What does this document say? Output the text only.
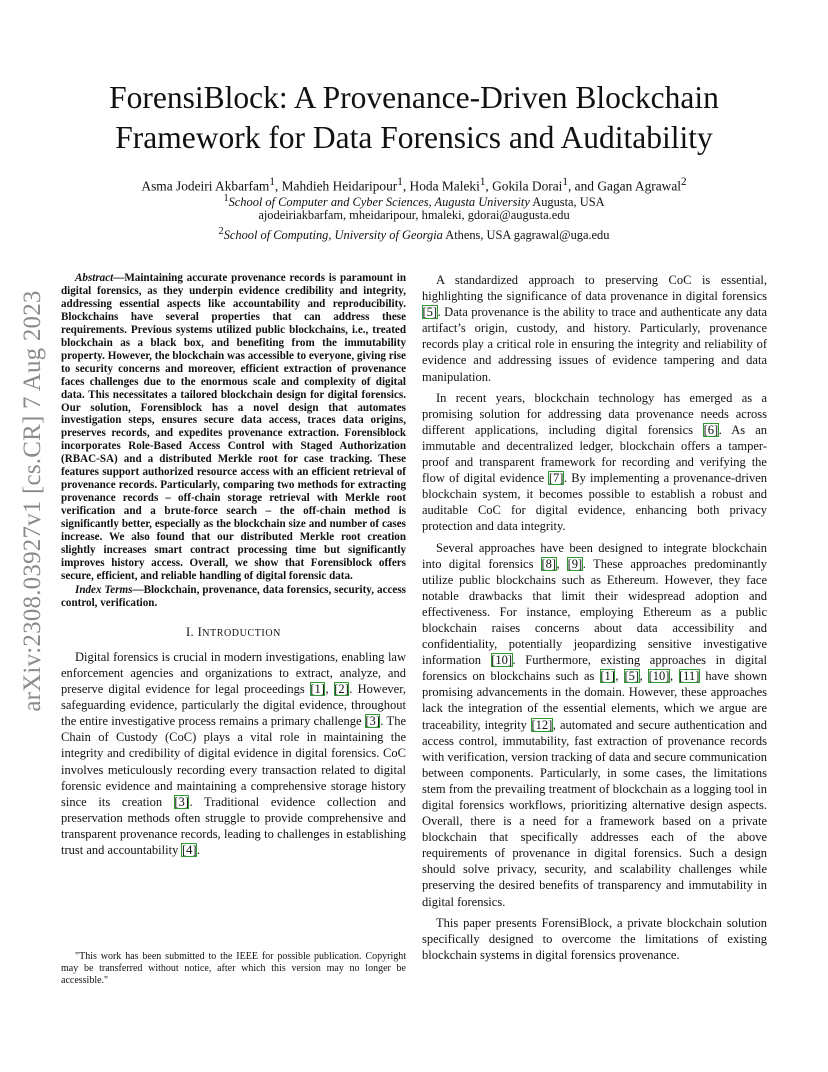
arXiv:2308.03927v1 [cs.CR] 7 Aug 2023
ForensiBlock: A Provenance-Driven Blockchain
Framework for Data Forensics and Auditability
Asma Jodeiri Akbarfam$^1$, Mahdieh Heidaripour$^1$, Hoda Maleki$^1$, Gokila Dorai$^1$, and Gagan Agrawal$^2$
$^1$School of Computer and Cyber Sciences, Augusta University Augusta, USA
ajodeiriakbarfam, mheidaripour, hmaleki, gdorai@augusta.edu
$^2$School of Computing, University of Georgia Athens, USA gagrawal@uga.edu

Abstract—Maintaining accurate provenance records is paramount in digital forensics, as they underpin evidence credibility and integrity, addressing essential aspects like accountability and reproducibility. Blockchains have several properties that can address these requirements. Previous systems utilized public blockchains, i.e., treated blockchain as a black box, and benefiting from the immutability property. However, the blockchain was accessible to everyone, giving rise to security concerns and moreover, efficient extraction of provenance faces challenges due to the enormous scale and complexity of digital data. This necessitates a tailored blockchain design for digital forensics. Our solution, Forensiblock has a novel design that automates investigation steps, ensures secure data access, traces data origins, preserves records, and expedites provenance extraction. Forensiblock incorporates Role-Based Access Control with Staged Authorization (RBAC-SA) and a distributed Merkle root for case tracking. These features support authorized resource access with an efficient retrieval of provenance records. Particularly, comparing two methods for extracting provenance records – off-chain storage retrieval with Merkle root verification and a brute-force search – the off-chain method is significantly better, especially as the blockchain size and number of cases increase. We also found that our distributed Merkle root creation slightly increases smart contract processing time but significantly improves history access. Overall, we show that Forensiblock offers secure, efficient, and reliable handling of digital forensic data.

Index Terms—Blockchain, provenance, data forensics, security, access control, verification.

I. INTRODUCTION

Digital forensics is crucial in modern investigations, enabling law enforcement agencies and organizations to extract, analyze, and preserve digital evidence for legal proceedings [1], [2]. However, safeguarding evidence, particularly the digital evidence, throughout the entire investigative process remains a primary challenge [3]. The Chain of Custody (CoC) plays a vital role in maintaining the integrity and credibility of digital evidence in digital forensics. CoC involves meticulously recording every transaction related to digital forensic evidence and maintaining a comprehensive storage history since its creation [3]. Traditional evidence collection and preservation methods often struggle to provide comprehensive and transparent provenance records, leading to challenges in establishing trust and accountability [4].

"This work has been submitted to the IEEE for possible publication. Copyright may be transferred without notice, after which this version may no longer be accessible."

A standardized approach to preserving CoC is essential, highlighting the significance of data provenance in digital forensics [5]. Data provenance is the ability to trace and authenticate any data artifact’s origin, custody, and history. Particularly, provenance records play a critical role in ensuring the integrity and reliability of evidence and addressing issues of evidence tampering and data manipulation.

In recent years, blockchain technology has emerged as a promising solution for addressing data provenance needs across different applications, including digital forensics [6]. As an immutable and decentralized ledger, blockchain offers a tamper-proof and transparent framework for recording and verifying the flow of digital evidence [7]. By implementing a provenance-driven blockchain system, it becomes possible to establish a robust and auditable CoC for digital evidence, enhancing both privacy protection and data integrity.

Several approaches have been designed to integrate blockchain into digital forensics [8], [9]. These approaches predominantly utilize public blockchains such as Ethereum. However, they face notable drawbacks that limit their widespread adoption and effectiveness. For instance, employing Ethereum as a public blockchain raises concerns about data accessibility and confidentiality, potentially jeopardizing sensitive investigative information [10]. Furthermore, existing approaches in digital forensics on blockchains such as [1], [5], [10], [11] have shown promising advancements in the domain. However, these approaches lack the integration of the essential elements, which we argue are traceability, integrity [12], automated and secure authentication and access control, immutability, fast extraction of provenance records with verification, version tracking of data and secure communication between components. Particularly, in some cases, the limitations stem from the prevailing treatment of blockchain as a logging tool in digital forensics workflows, prioritizing alternative design aspects. Overall, there is a need for a framework based on a private blockchain that specifically addresses each of the above requirements of provenance in digital forensics. Such a design should solve privacy, security, and scalability challenges while preserving the desired benefits of transparency and immutability in digital forensics.

This paper presents ForensiBlock, a private blockchain solution specifically designed to overcome the limitations of existing blockchain systems in digital forensics provenance.
